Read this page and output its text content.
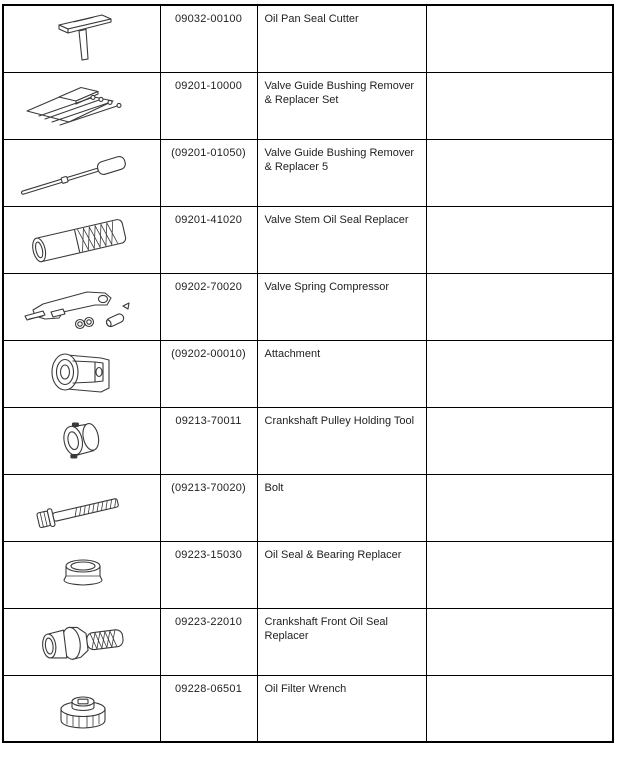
	09032-00100	Oil Pan Seal Cutter	

	09201-10000	Valve Guide Bushing Remover & Replacer Set	

	(09201-01050)	Valve Guide Bushing Remover & Replacer 5	

	09201-41020	Valve Stem Oil Seal Replacer	

	09202-70020	Valve Spring Compressor	

	(09202-00010)	Attachment	

	09213-70011	Crankshaft Pulley Holding Tool	

	(09213-70020)	Bolt	

	09223-15030	Oil Seal & Bearing Replacer	

	09223-22010	Crankshaft Front Oil Seal Replacer	

	09228-06501	Oil Filter Wrench	
